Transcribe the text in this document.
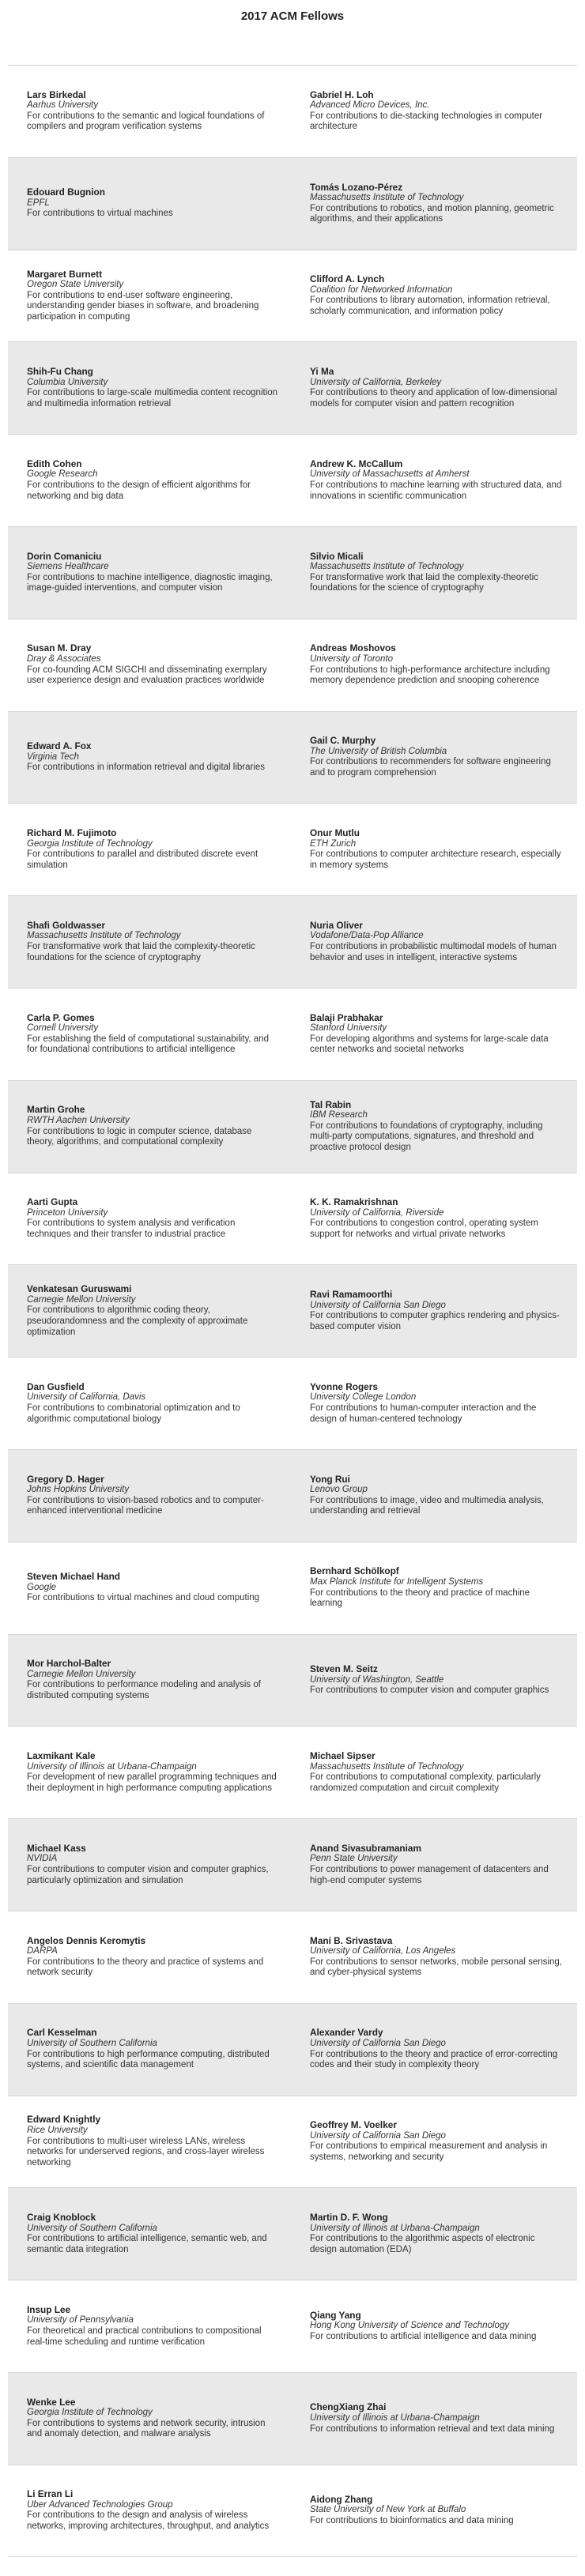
2017 ACM Fellows
Lars Birkedal
Aarhus University
For contributions to the semantic and logical foundations of compilers and program verification systems
Gabriel H. Loh
Advanced Micro Devices, Inc.
For contributions to die-stacking technologies in computer architecture
Edouard Bugnion
EPFL
For contributions to virtual machines
Tomás Lozano-Pérez
Massachusetts Institute of Technology
For contributions to robotics, and motion planning, geometric algorithms, and their applications
Margaret Burnett
Oregon State University
For contributions to end-user software engineering, understanding gender biases in software, and broadening participation in computing
Clifford A. Lynch
Coalition for Networked Information
For contributions to library automation, information retrieval, scholarly communication, and information policy
Shih-Fu Chang
Columbia University
For contributions to large-scale multimedia content recognition and multimedia information retrieval
Yi Ma
University of California, Berkeley
For contributions to theory and application of low-dimensional models for computer vision and pattern recognition
Edith Cohen
Google Research
For contributions to the design of efficient algorithms for networking and big data
Andrew K. McCallum
University of Massachusetts at Amherst
For contributions to machine learning with structured data, and innovations in scientific communication
Dorin Comaniciu
Siemens Healthcare
For contributions to machine intelligence, diagnostic imaging, image-guided interventions, and computer vision
Silvio Micali
Massachusetts Institute of Technology
For transformative work that laid the complexity-theoretic foundations for the science of cryptography
Susan M. Dray
Dray & Associates
For co-founding ACM SIGCHI and disseminating exemplary user experience design and evaluation practices worldwide
Andreas Moshovos
University of Toronto
For contributions to high-performance architecture including memory dependence prediction and snooping coherence
Edward A. Fox
Virginia Tech
For contributions in information retrieval and digital libraries
Gail C. Murphy
The University of British Columbia
For contributions to recommenders for software engineering and to program comprehension
Richard M. Fujimoto
Georgia Institute of Technology
For contributions to parallel and distributed discrete event simulation
Onur Mutlu
ETH Zurich
For contributions to computer architecture research, especially in memory systems
Shafi Goldwasser
Massachusetts Institute of Technology
For transformative work that laid the complexity-theoretic foundations for the science of cryptography
Nuria Oliver
Vodafone/Data-Pop Alliance
For contributions in probabilistic multimodal models of human behavior and uses in intelligent, interactive systems
Carla P. Gomes
Cornell University
For establishing the field of computational sustainability, and for foundational contributions to artificial intelligence
Balaji Prabhakar
Stanford University
For developing algorithms and systems for large-scale data center networks and societal networks
Martin Grohe
RWTH Aachen University
For contributions to logic in computer science, database theory, algorithms, and computational complexity
Tal Rabin
IBM Research
For contributions to foundations of cryptography, including multi-party computations, signatures, and threshold and proactive protocol design
Aarti Gupta
Princeton University
For contributions to system analysis and verification techniques and their transfer to industrial practice
K. K. Ramakrishnan
University of California, Riverside
For contributions to congestion control, operating system support for networks and virtual private networks
Venkatesan Guruswami
Carnegie Mellon University
For contributions to algorithmic coding theory, pseudorandomness and the complexity of approximate optimization
Ravi Ramamoorthi
University of California San Diego
For contributions to computer graphics rendering and physics-based computer vision
Dan Gusfield
University of California, Davis
For contributions to combinatorial optimization and to algorithmic computational biology
Yvonne Rogers
University College London
For contributions to human-computer interaction and the design of human-centered technology
Gregory D. Hager
Johns Hopkins University
For contributions to vision-based robotics and to computer-enhanced interventional medicine
Yong Rui
Lenovo Group
For contributions to image, video and multimedia analysis, understanding and retrieval
Steven Michael Hand
Google
For contributions to virtual machines and cloud computing
Bernhard Schölkopf
Max Planck Institute for Intelligent Systems
For contributions to the theory and practice of machine learning
Mor Harchol-Balter
Carnegie Mellon University
For contributions to performance modeling and analysis of distributed computing systems
Steven M. Seitz
University of Washington, Seattle
For contributions to computer vision and computer graphics
Laxmikant Kale
University of Illinois at Urbana-Champaign
For development of new parallel programming techniques and their deployment in high performance computing applications
Michael Sipser
Massachusetts Institute of Technology
For contributions to computational complexity, particularly randomized computation and circuit complexity
Michael Kass
NVIDIA
For contributions to computer vision and computer graphics, particularly optimization and simulation
Anand Sivasubramaniam
Penn State University
For contributions to power management of datacenters and high-end computer systems
Angelos Dennis Keromytis
DARPA
For contributions to the theory and practice of systems and network security
Mani B. Srivastava
University of California, Los Angeles
For contributions to sensor networks, mobile personal sensing, and cyber-physical systems
Carl Kesselman
University of Southern California
For contributions to high performance computing, distributed systems, and scientific data management
Alexander Vardy
University of California San Diego
For contributions to the theory and practice of error-correcting codes and their study in complexity theory
Edward Knightly
Rice University
For contributions to multi-user wireless LANs, wireless networks for underserved regions, and cross-layer wireless networking
Geoffrey M. Voelker
University of California San Diego
For contributions to empirical measurement and analysis in systems, networking and security
Craig Knoblock
University of Southern California
For contributions to artificial intelligence, semantic web, and semantic data integration
Martin D. F. Wong
University of Illinois at Urbana-Champaign
For contributions to the algorithmic aspects of electronic design automation (EDA)
Insup Lee
University of Pennsylvania
For theoretical and practical contributions to compositional real-time scheduling and runtime verification
Qiang Yang
Hong Kong University of Science and Technology
For contributions to artificial intelligence and data mining
Wenke Lee
Georgia Institute of Technology
For contributions to systems and network security, intrusion and anomaly detection, and malware analysis
ChengXiang Zhai
University of Illinois at Urbana-Champaign
For contributions to information retrieval and text data mining
Li Erran Li
Uber Advanced Technologies Group
For contributions to the design and analysis of wireless networks, improving architectures, throughput, and analytics
Aidong Zhang
State University of New York at Buffalo
For contributions to bioinformatics and data mining
